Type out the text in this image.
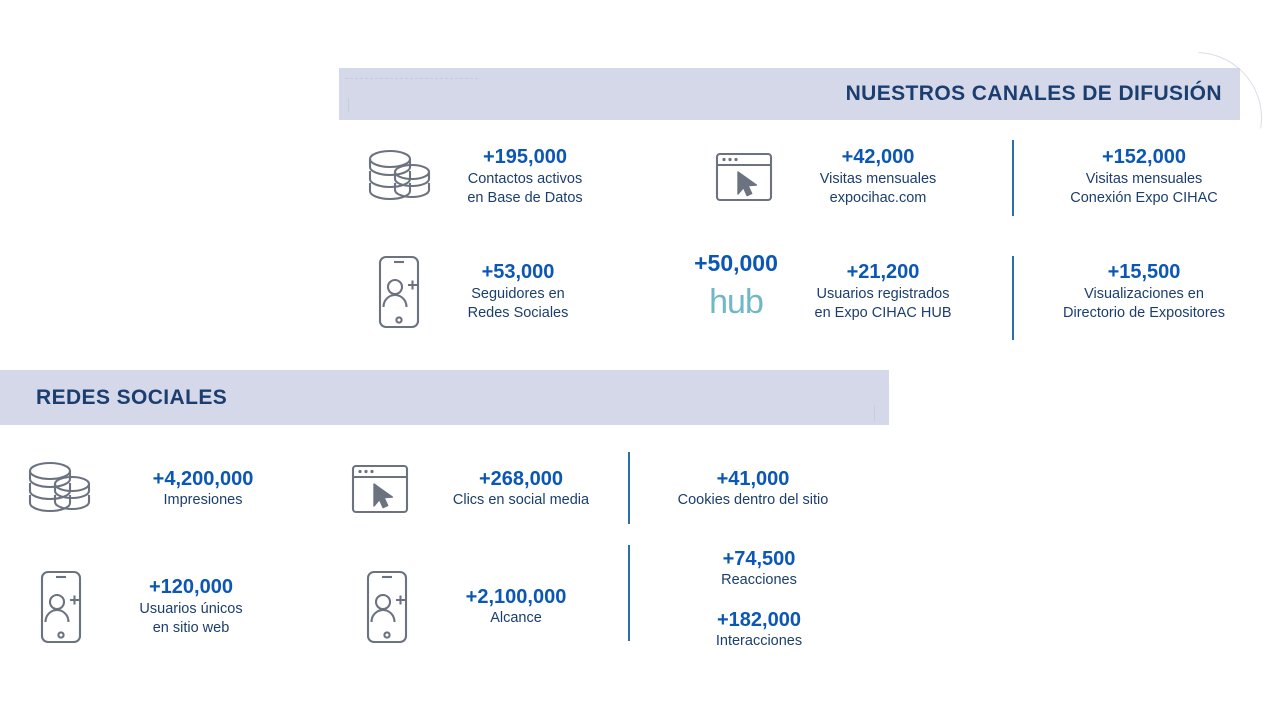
NUESTROS CANALES DE DIFUSIÓN
+195,000
Contactos activos
en Base de Datos
+42,000
Visitas mensuales
expocihac.com
+152,000
Visitas mensuales
Conexión Expo CIHAC
+53,000
Seguidores en
Redes Sociales
+50,000
hub
+21,200
Usuarios registrados
en Expo CIHAC HUB
+15,500
Visualizaciones en
Directorio de Expositores
REDES SOCIALES
+4,200,000
Impresiones
+268,000
Clics en social media
+41,000
Cookies dentro del sitio
+120,000
Usuarios únicos
en sitio web
+2,100,000
Alcance
+74,500
Reacciones
+182,000
Interacciones
